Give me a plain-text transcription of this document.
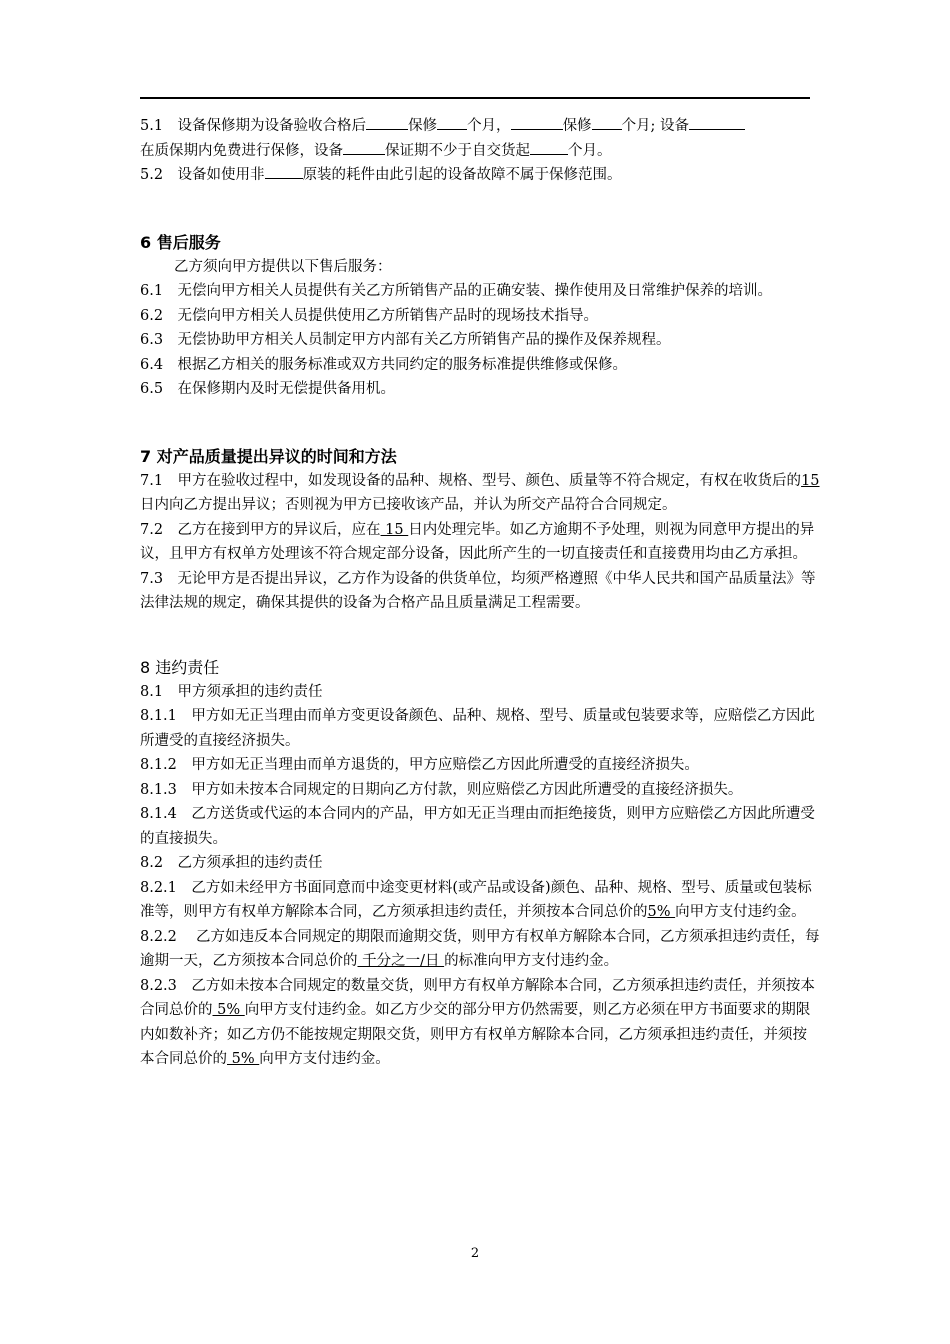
5.1　设备保修期为设备验收合格后	保修 个月，	保修 个月; 设备
在质保期内免费进行保修，设备	保证期不少于自交货起	个月。

5.2　设备如使用非	原装的耗件由此引起的设备故障不属于保修范围。

6 售后服务

乙方须向甲方提供以下售后服务：

6.1　无偿向甲方相关人员提供有关乙方所销售产品的正确安装、操作使用及日常维护保养的培训。

6.2　无偿向甲方相关人员提供使用乙方所销售产品时的现场技术指导。

6.3　无偿协助甲方相关人员制定甲方内部有关乙方所销售产品的操作及保养规程。

6.4　根据乙方相关的服务标准或双方共同约定的服务标准提供维修或保修。

6.5　在保修期内及时无偿提供备用机。

7 对产品质量提出异议的时间和方法

7.1　甲方在验收过程中，如发现设备的品种、规格、型号、颜色、质量等不符合规定，有权在收货后的15 日内向乙方提出异议；否则视为甲方已接收该产品，并认为所交产品符合合同规定。

7.2　乙方在接到甲方的异议后，应在 15 日内处理完毕。如乙方逾期不予处理，则视为同意甲方提出的异议，且甲方有权单方处理该不符合规定部分设备，因此所产生的一切直接责任和直接费用均由乙方承担。

7.3　无论甲方是否提出异议，乙方作为设备的供货单位，均须严格遵照《中华人民共和国产品质量法》等法律法规的规定，确保其提供的设备为合格产品且质量满足工程需要。

8 违约责任

8.1　甲方须承担的违约责任

8.1.1　甲方如无正当理由而单方变更设备颜色、品种、规格、型号、质量或包装要求等，应赔偿乙方因此所遭受的直接经济损失。

8.1.2　甲方如无正当理由而单方退货的，甲方应赔偿乙方因此所遭受的直接经济损失。

8.1.3　甲方如未按本合同规定的日期向乙方付款，则应赔偿乙方因此所遭受的直接经济损失。

8.1.4　乙方送货或代运的本合同内的产品，甲方如无正当理由而拒绝接货，则甲方应赔偿乙方因此所遭受的直接损失。

8.2　乙方须承担的违约责任

8.2.1　乙方如未经甲方书面同意而中途变更材料(或产品或设备)颜色、品种、规格、型号、质量或包装标准等，则甲方有权单方解除本合同，乙方须承担违约责任，并须按本合同总价的5% 向甲方支付违约金。

8.2.2　 乙方如违反本合同规定的期限而逾期交货，则甲方有权单方解除本合同，乙方须承担违约责任，每逾期一天，乙方须按本合同总价的 千分之一/日 的标准向甲方支付违约金。

8.2.3　乙方如未按本合同规定的数量交货，则甲方有权单方解除本合同，乙方须承担违约责任，并须按本合同总价的 5% 向甲方支付违约金。如乙方少交的部分甲方仍然需要，则乙方必须在甲方书面要求的期限内如数补齐；如乙方仍不能按规定期限交货，则甲方有权单方解除本合同，乙方须承担违约责任，并须按本合同总价的 5% 向甲方支付违约金。

2
